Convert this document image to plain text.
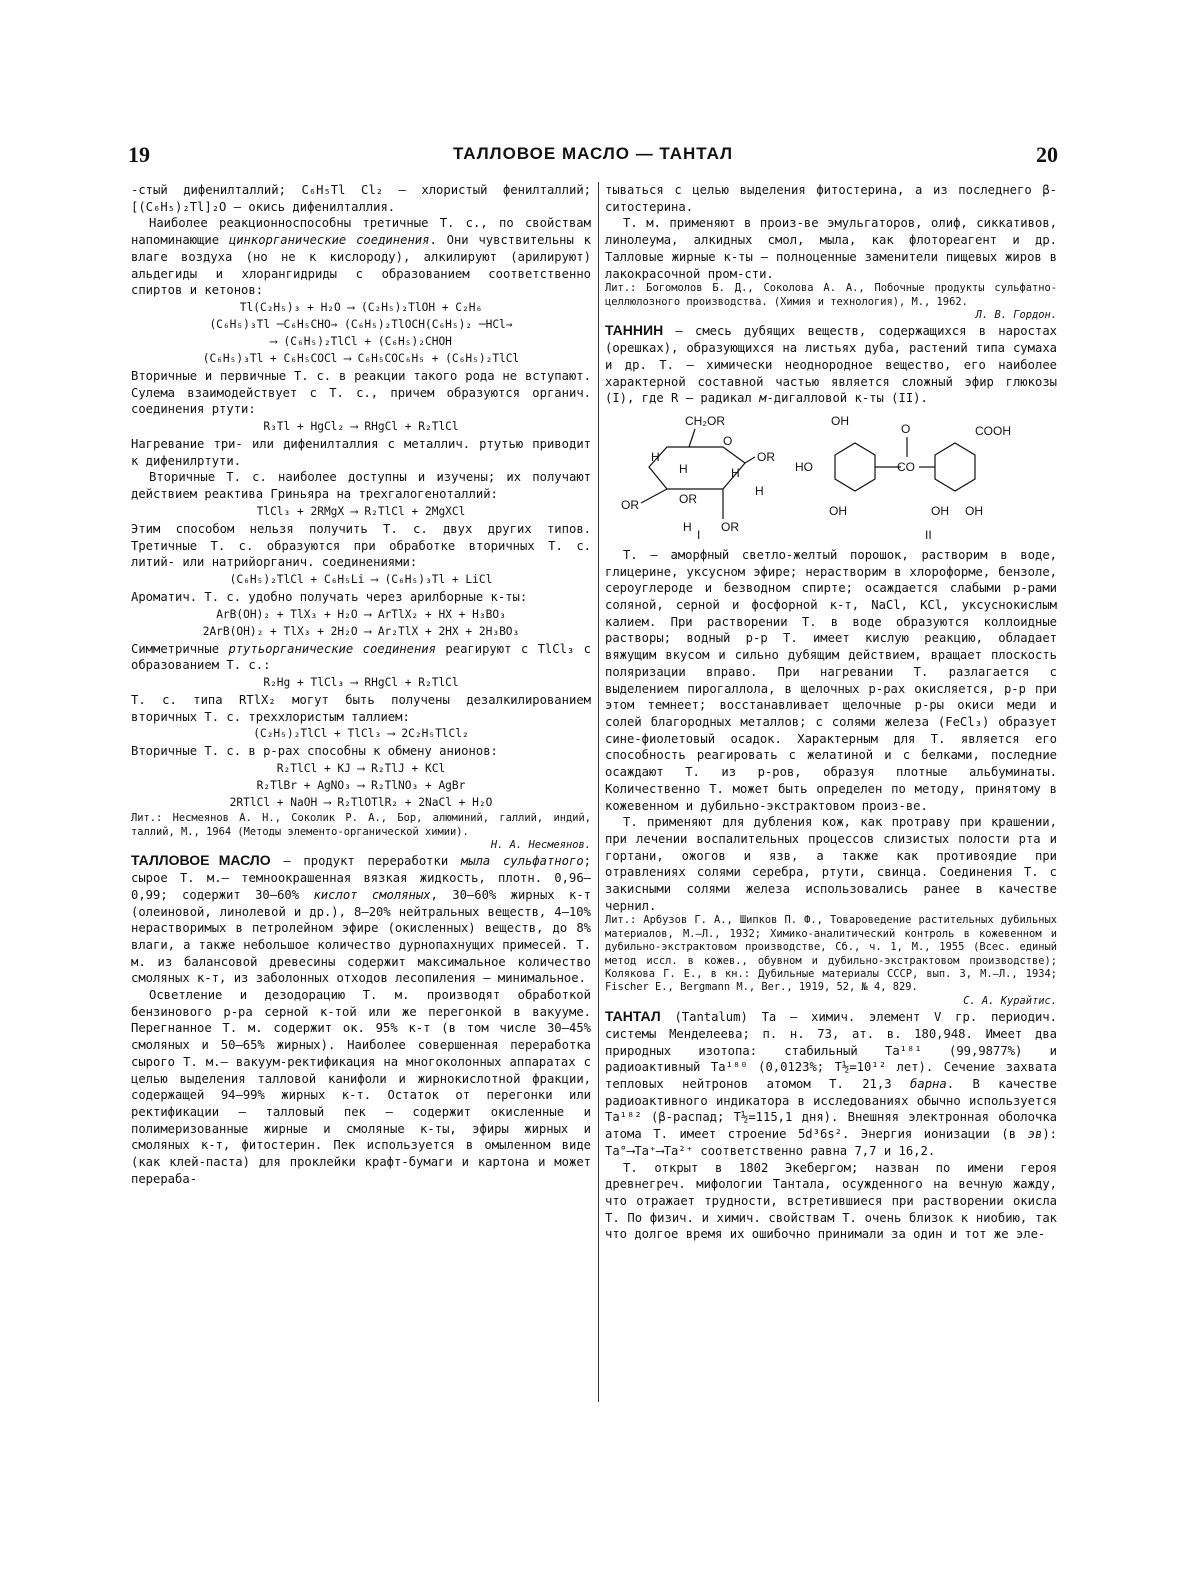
19	ТАЛЛОВОЕ МАСЛО — ТАНТАЛ	20

-стый дифенилталлий; C₆H₅Tl Cl₂ — хлористый фенилталлий; [(C₆H₅)₂Tl]₂O — окись дифенилталлия.

Наиболее реакционноспособны третичные Т. с., по свойствам напоминающие цинкорганические соединения. Они чувствительны к влаге воздуха (но не к кислороду), алкилируют (арилируют) альдегиды и хлорангидриды с образованием соответственно спиртов и кетонов:

Tl(C₂H₅)₃ + H₂O ⟶ (C₂H₅)₂TlOH + C₂H₆
(C₆H₅)₃Tl ─C₆H₅CHO→ (C₆H₅)₂TlOCH(C₆H₅)₂ ─HCl→
⟶ (C₆H₅)₂TlCl + (C₆H₅)₂CHOH
(C₆H₅)₃Tl + C₆H₅COCl ⟶ C₆H₅COC₆H₅ + (C₆H₅)₂TlCl

Вторичные и первичные Т. с. в реакции такого рода не вступают. Сулема взаимодействует с Т. с., причем образуются органич. соединения ртути:

R₃Tl + HgCl₂ ⟶ RHgCl + R₂TlCl

Нагревание три- или дифенилталлия с металлич. ртутью приводит к дифенилртути.

Вторичные Т. с. наиболее доступны и изучены; их получают действием реактива Гриньяра на трехгалогеноталлий:

TlCl₃ + 2RMgX ⟶ R₂TlCl + 2MgXCl

Этим способом нельзя получить Т. с. двух других типов. Третичные Т. с. образуются при обработке вторичных Т. с. литий- или натрийорганич. соединениями:

(C₆H₅)₂TlCl + C₆H₅Li ⟶ (C₆H₅)₃Tl + LiCl

Ароматич. Т. с. удобно получать через арилборные к-ты:

ArB(OH)₂ + TlX₃ + H₂O ⟶ ArTlX₂ + HX + H₃BO₃
2ArB(OH)₂ + TlX₃ + 2H₂O ⟶ Ar₂TlX + 2HX + 2H₃BO₃

Симметричные ртутьорганические соединения реагируют с TlCl₃ с образованием Т. с.:

R₂Hg + TlCl₃ ⟶ RHgCl + R₂TlCl

Т. с. типа RTlX₂ могут быть получены дезалкилированием вторичных Т. с. треххлористым таллием:

(C₂H₅)₂TlCl + TlCl₃ ⟶ 2C₂H₅TlCl₂

Вторичные Т. с. в р-рах способны к обмену анионов:

R₂TlCl + KJ ⟶ R₂TlJ + KCl
R₂TlBr + AgNO₃ ⟶ R₂TlNO₃ + AgBr
2RTlCl + NaOH ⟶ R₂TlOTlR₂ + 2NaCl + H₂O
Лит.: Несмеянов А. Н., Соколик Р. А., Бор, алюминий, галлий, индий, таллий, М., 1964 (Методы элементо-органической химии).
Н. А. Несмеянов.

ТАЛЛОВОЕ МАСЛО — продукт переработки мыла сульфатного; сырое Т. м.— темноокрашенная вязкая жидкость, плотн. 0,96—0,99; содержит 30—60% кислот смоляных, 30—60% жирных к-т (олеиновой, линолевой и др.), 8—20% нейтральных веществ, 4—10% нерастворимых в петролейном эфире (окисленных) веществ, до 8% влаги, а также небольшое количество дурнопахнущих примесей. Т. м. из балансовой древесины содержит максимальное количество смоляных к-т, из заболонных отходов лесопиления — минимальное.

Осветление и дезодорацию Т. м. производят обработкой бензинового р-ра серной к-той или же перегонкой в вакууме. Перегнанное Т. м. содержит ок. 95% к-т (в том числе 30—45% смоляных и 50—65% жирных). Наиболее совершенная переработка сырого Т. м.— вакуум-ректификация на многоколонных аппаратах с целью выделения талловой канифоли и жирнокислотной фракции, содержащей 94—99% жирных к-т. Остаток от перегонки или ректификации — талловый пек — содержит окисленные и полимеризованные жирные и смоляные к-ты, эфиры жирных и смоляных к-т, фитостерин. Пек используется в омыленном виде (как клей-паста) для проклейки крафт-бумаги и картона и может перераба-

тываться с целью выделения фитостерина, а из последнего β-ситостерина.

Т. м. применяют в произ-ве эмульгаторов, олиф, сиккативов, линолеума, алкидных смол, мыла, как флотореагент и др. Талловые жирные к-ты — полноценные заменители пищевых жиров в лакокрасочной пром-сти.

Лит.: Богомолов Б. Д., Соколова А. А., Побочные продукты сульфатно-целлюлозного производства. (Химия и технология), М., 1962.
Л. В. Гордон.

ТАННИН — смесь дубящих веществ, содержащихся в наростах (орешках), образующихся на листьях дуба, растений типа сумаха и др. Т. — химически неоднородное вещество, его наиболее характерной составной частью является сложный эфир глюкозы (I), где R — радикал м-дигалловой к-ты (II).

CH₂OR
O
H
H	H
H
H
OR
OR
OR
OR
I
OH
HO
OH
CO
O	COOH
OH OH
II

Т. — аморфный светло-желтый порошок, растворим в воде, глицерине, уксусном эфире; нерастворим в хлороформе, бензоле, сероуглероде и безводном спирте; осаждается слабыми р-рами соляной, серной и фосфорной к-т, NaCl, KCl, уксуснокислым калием. При растворении Т. в воде образуются коллоидные растворы; водный р-р Т. имеет кислую реакцию, обладает вяжущим вкусом и сильно дубящим действием, вращает плоскость поляризации вправо. При нагревании Т. разлагается с выделением пирогаллола, в щелочных р-рах окисляется, р-р при этом темнеет; восстанавливает щелочные р-ры окиси меди и солей благородных металлов; с солями железа (FeCl₃) образует сине-фиолетовый осадок. Характерным для Т. является его способность реагировать с желатиной и с белками, последние осаждают Т. из р-ров, образуя плотные альбуминаты. Количественно Т. может быть определен по методу, принятому в кожевенном и дубильно-экстрактовом произ-ве.

Т. применяют для дубления кож, как протраву при крашении, при лечении воспалительных процессов слизистых полости рта и гортани, ожогов и язв, а также как противоядие при отравлениях солями серебра, ртути, свинца. Соединения Т. с закисными солями железа использовались ранее в качестве чернил.

Лит.: Арбузов Г. А., Шипков П. Ф., Товароведение растительных дубильных материалов, М.—Л., 1932; Химико-аналитический контроль в кожевенном и дубильно-экстрактовом производстве, Сб., ч. 1, М., 1955 (Всес. единый метод иссл. в кожев., обувном и дубильно-экстрактовом производстве); Колякова Г. Е., в кн.: Дубильные материалы СССР, вып. 3, М.—Л., 1934; Fischer E., Bergmann M., Ber., 1919, 52, № 4, 829.
С. А. Курайтис.

ТАНТАЛ (Tantalum) Ta — химич. элемент V гр. периодич. системы Менделеева; п. н. 73, ат. в. 180,948. Имеет два природных изотопа: стабильный Ta¹⁸¹ (99,9877%) и радиоактивный Ta¹⁸⁰ (0,0123%; T½=10¹² лет). Сечение захвата тепловых нейтронов атомом Т. 21,3 барна. В качестве радиоактивного индикатора в исследованиях обычно используется Ta¹⁸² (β-распад; T½=115,1 дня). Внешняя электронная оболочка атома Т. имеет строение 5d³6s². Энергия ионизации (в эв): Ta°⟶Ta⁺⟶Ta²⁺ соответственно равна 7,7 и 16,2.

Т. открыт в 1802 Экебергом; назван по имени героя древнегреч. мифологии Тантала, осужденного на вечную жажду, что отражает трудности, встретившиеся при растворении окисла Т. По физич. и химич. свойствам Т. очень близок к ниобию, так что долгое время их ошибочно принимали за один и тот же эле-
